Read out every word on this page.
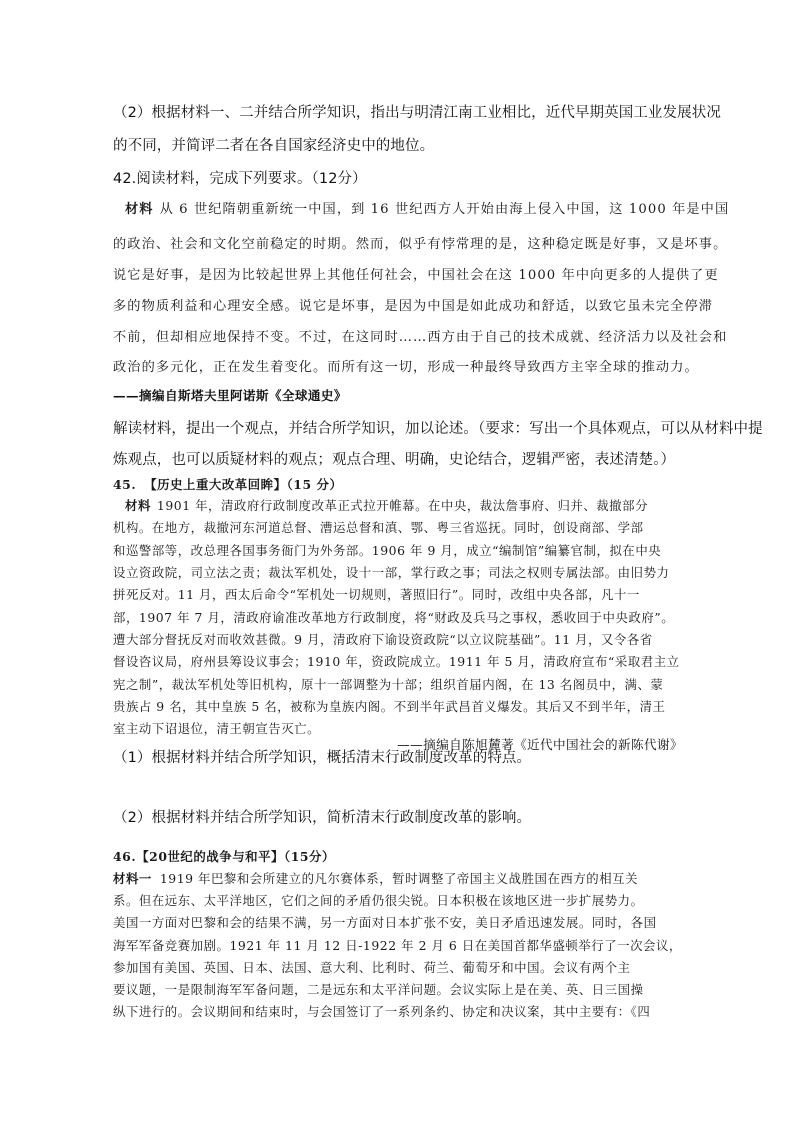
（2）根据材料一、二并结合所学知识，指出与明清江南工业相比，近代早期英国工业发展状况
的不同，并简评二者在各自国家经济史中的地位。
42.阅读材料，完成下列要求。（12分）
材料 从 6 世纪隋朝重新统一中国，到 16 世纪西方人开始由海上侵入中国，这 1000 年是中国
的政治、社会和文化空前稳定的时期。然而，似乎有悖常理的是，这种稳定既是好事，又是坏事。
说它是好事，是因为比较起世界上其他任何社会，中国社会在这 1000 年中向更多的人提供了更
多的物质利益和心理安全感。说它是坏事，是因为中国是如此成功和舒适，以致它虽未完全停滞
不前，但却相应地保持不变。不过，在这同时……西方由于自己的技术成就、经济活力以及社会和
政治的多元化，正在发生着变化。而所有这一切，形成一种最终导致西方主宰全球的推动力。
——摘编自斯塔夫里阿诺斯《全球通史》
解读材料，提出一个观点，并结合所学知识，加以论述。（要求：写出一个具体观点，可以从材料中提
炼观点，也可以质疑材料的观点；观点合理、明确，史论结合，逻辑严密，表述清楚。）
45. 【历史上重大改革回眸】（15 分）
材料 1901 年，清政府行政制度改革正式拉开帷幕。在中央，裁汰詹事府、归并、裁撤部分
机构。在地方，裁撤河东河道总督、漕运总督和滇、鄂、粤三省巡抚。同时，创设商部、学部
和巡警部等，改总理各国事务衙门为外务部。1906 年 9 月，成立“编制馆”编纂官制，拟在中央
设立资政院，司立法之责；裁汰军机处，设十一部，掌行政之事；司法之权则专属法部。由旧势力
拼死反对。11 月，西太后命令“军机处一切规则，著照旧行”。同时，改组中央各部，凡十一
部，1907 年 7 月，清政府谕准改革地方行政制度，将“财政及兵马之事权，悉收回于中央政府”。
遭大部分督抚反对而收效甚微。9 月，清政府下谕设资政院“以立议院基础”。11 月，又令各省
督设咨议局，府州县筹设议事会；1910 年，资政院成立。1911 年 5 月，清政府宣布“采取君主立
宪之制”，裁汰军机处等旧机构，原十一部调整为十部；组织首届内阁，在 13 名阁员中，满、蒙
贵族占 9 名，其中皇族 5 名，被称为皇族内阁。不到半年武昌首义爆发。其后又不到半年，清王
室主动下诏退位，清王朝宣告灭亡。
——摘编自陈旭麓著《近代中国社会的新陈代谢》
（1）根据材料并结合所学知识，概括清末行政制度改革的特点。
（2）根据材料并结合所学知识，简析清末行政制度改革的影响。
46.【20世纪的战争与和平】（15分）
材料一 1919 年巴黎和会所建立的凡尔赛体系，暂时调整了帝国主义战胜国在西方的相互关
系。但在远东、太平洋地区，它们之间的矛盾仍很尖锐。日本积极在该地区进一步扩展势力。
美国一方面对巴黎和会的结果不满，另一方面对日本扩张不安，美日矛盾迅速发展。同时，各国
海军军备竞赛加剧。1921 年 11 月 12 日-1922 年 2 月 6 日在美国首都华盛顿举行了一次会议，
参加国有美国、英国、日本、法国、意大利、比利时、荷兰、葡萄牙和中国。会议有两个主
要议题，一是限制海军军备问题，二是远东和太平洋问题。会议实际上是在美、英、日三国操
纵下进行的。会议期间和结束时，与会国签订了一系列条约、协定和决议案，其中主要有：《四
